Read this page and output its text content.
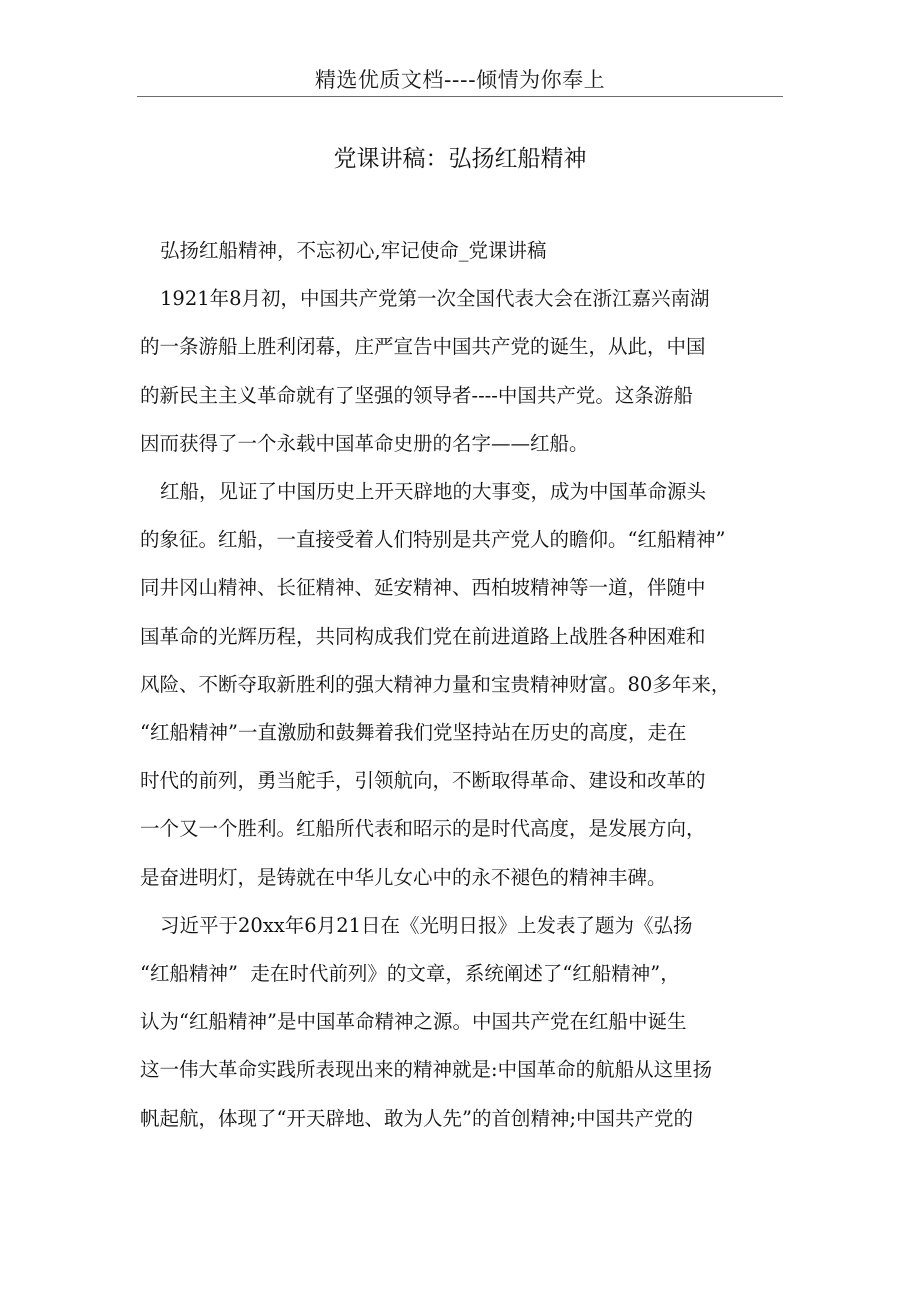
精选优质文档----倾情为你奉上
党课讲稿：弘扬红船精神
弘扬红船精神，不忘初心,牢记使命_党课讲稿
1921年8月初，中国共产党第一次全国代表大会在浙江嘉兴南湖
的一条游船上胜利闭幕，庄严宣告中国共产党的诞生，从此，中国
的新民主主义革命就有了坚强的领导者----中国共产党。这条游船
因而获得了一个永载中国革命史册的名字——红船。
红船，见证了中国历史上开天辟地的大事变，成为中国革命源头
的象征。红船，一直接受着人们特别是共产党人的瞻仰。“红船精神”
同井冈山精神、长征精神、延安精神、西柏坡精神等一道，伴随中
国革命的光辉历程，共同构成我们党在前进道路上战胜各种困难和
风险、不断夺取新胜利的强大精神力量和宝贵精神财富。80多年来，
“红船精神”一直激励和鼓舞着我们党坚持站在历史的高度，走在
时代的前列，勇当舵手，引领航向，不断取得革命、建设和改革的
一个又一个胜利。红船所代表和昭示的是时代高度，是发展方向，
是奋进明灯，是铸就在中华儿女心中的永不褪色的精神丰碑。
习近平于20xx年6月21日在《光明日报》上发表了题为《弘扬
“红船精神”  走在时代前列》的文章，系统阐述了“红船精神”，
认为“红船精神”是中国革命精神之源。中国共产党在红船中诞生
这一伟大革命实践所表现出来的精神就是:中国革命的航船从这里扬
帆起航，体现了“开天辟地、敢为人先”的首创精神;中国共产党的
